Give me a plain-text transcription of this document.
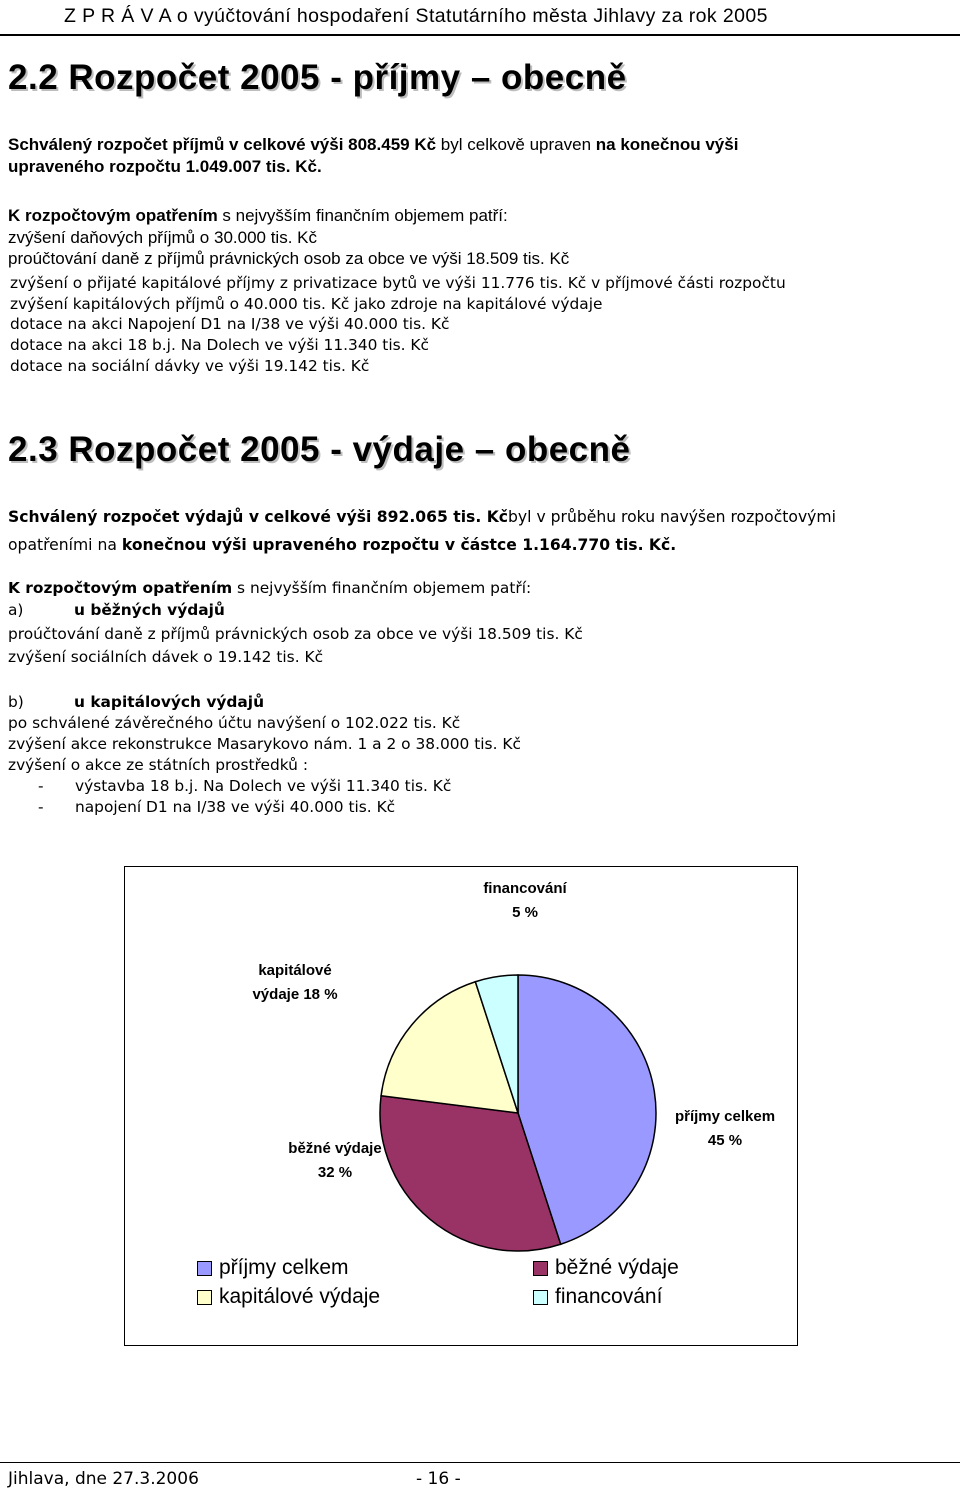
Z P R Á V A o vyúčtování hospodaření Statutárního města Jihlavy za rok 2005
2.2 Rozpočet 2005 - příjmy – obecně
Schválený rozpočet příjmů v celkové výši 808.459 Kč byl celkově upraven na konečnou výši
upraveného rozpočtu 1.049.007 tis. Kč.
K rozpočtovým opatřením s nejvyšším finančním objemem patří:
zvýšení daňových příjmů o 30.000 tis. Kč
proúčtování daně z příjmů právnických osob za obce ve výši 18.509 tis. Kč
zvýšení o přijaté kapitálové příjmy z privatizace bytů ve výši 11.776 tis. Kč v příjmové části rozpočtu
zvýšení kapitálových příjmů o 40.000 tis. Kč jako zdroje na kapitálové výdaje
dotace na akci Napojení D1 na I/38 ve výši 40.000 tis. Kč
dotace na akci 18 b.j. Na Dolech ve výši 11.340 tis. Kč
dotace na sociální dávky ve výši 19.142 tis. Kč
2.3 Rozpočet 2005 - výdaje – obecně
Schválený rozpočet výdajů v celkové výši 892.065 tis. Kč byl v průběhu roku navýšen rozpočtovými
opatřeními na konečnou výši upraveného rozpočtu v částce 1.164.770 tis. Kč.
K rozpočtovým opatřením s nejvyšším finančním objemem patří:
a)	u běžných výdajů
proúčtování daně z příjmů právnických osob za obce ve výši 18.509 tis. Kč
zvýšení sociálních dávek o 19.142 tis. Kč
b)	u kapitálových výdajů
po schválené závěrečného účtu navýšení o 102.022 tis. Kč
zvýšení akce rekonstrukce Masarykovo nám. 1 a 2 o 38.000 tis. Kč
zvýšení o akce ze státních prostředků :
- výstavba 18 b.j. Na Dolech ve výši 11.340 tis. Kč
- napojení D1 na I/38 ve výši 40.000 tis. Kč
financování
5 %
kapitálové
výdaje 18 %
příjmy celkem
45 %
běžné výdaje
32 %
příjmy celkem	běžné výdaje
kapitálové výdaje	financování
Jihlava, dne 27.3.2006	- 16 -
